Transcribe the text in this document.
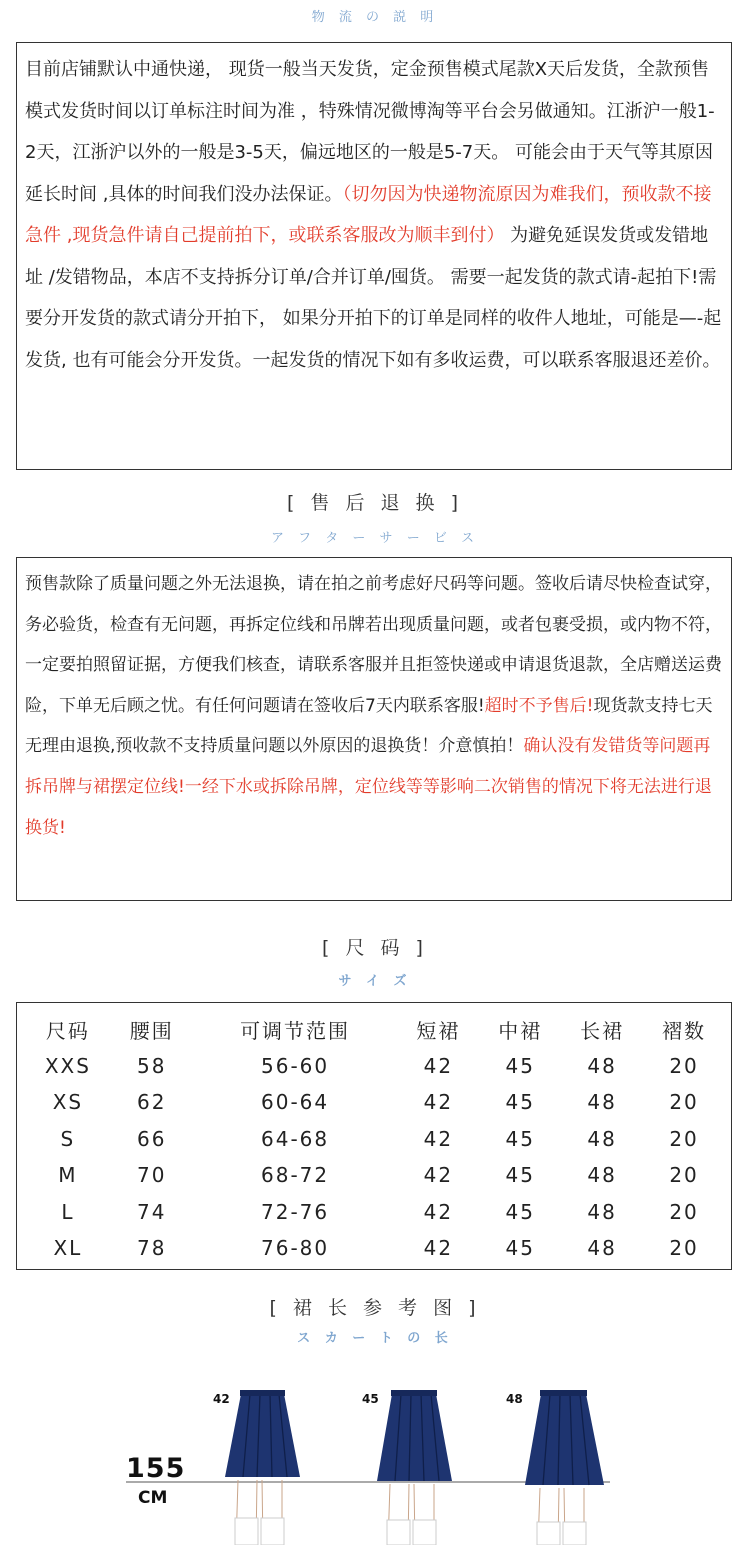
物 流 の 説 明
目前店铺默认中通快递， 现货一般当天发货，定金预售模式尾款X天后发货，全款预售模式发货时间以订单标注时间为准 ，特殊情况微博淘等平台会另做通知。江浙沪一般1-2天，江浙沪以外的一般是3-5天，偏远地区的一般是5-7天。 可能会由于天气等其原因延长时间 ,具体的时间我们没办法保证。（切勿因为快递物流原因为难我们，预收款不接急件 ,现货急件请自己提前拍下，或联系客服改为顺丰到付） 为避免延误发货或发错地址 /发错物品，本店不支持拆分订单/合并订单/囤货。 需要一起发货的款式请-起拍下!需要分开发货的款式请分开拍下， 如果分开拍下的订单是同样的收件人地址，可能是—-起发货, 也有可能会分开发货。一起发货的情况下如有多收运费，可以联系客服退还差价。
[ 售 后 退 换 ]
ア フ タ ー サ ー ビ ス
预售款除了质量问题之外无法退换，请在拍之前考虑好尺码等问题。签收后请尽快检查试穿，务必验货，检查有无问题，再拆定位线和吊牌若出现质量问题，或者包裹受损，或内物不符，一定要拍照留证据，方便我们核查，请联系客服并且拒签快递或申请退货退款，全店赠送运费险，下单无后顾之忧。有任何问题请在签收后7天内联系客服!超时不予售后!现货款支持七天无理由退换,预收款不支持质量问题以外原因的退换货！介意慎拍！确认没有发错货等问题再拆吊牌与裙摆定位线!一经下水或拆除吊牌，定位线等等影响二次销售的情况下将无法进行退换货!
[ 尺 码 ]
サ イ ズ
尺码	腰围	可调节范围	短裙	中裙	长裙	褶数
XXS	58	56-60	42	45	48	20
XS	62	60-64	42	45	48	20
S	66	64-68	42	45	48	20
M	70	68-72	42	45	48	20
L	74	72-76	42	45	48	20
XL	78	76-80	42	45	48	20
[ 裙 长 参 考 图 ]
ス カ ー ト の 长
155
CM
42	45	48
